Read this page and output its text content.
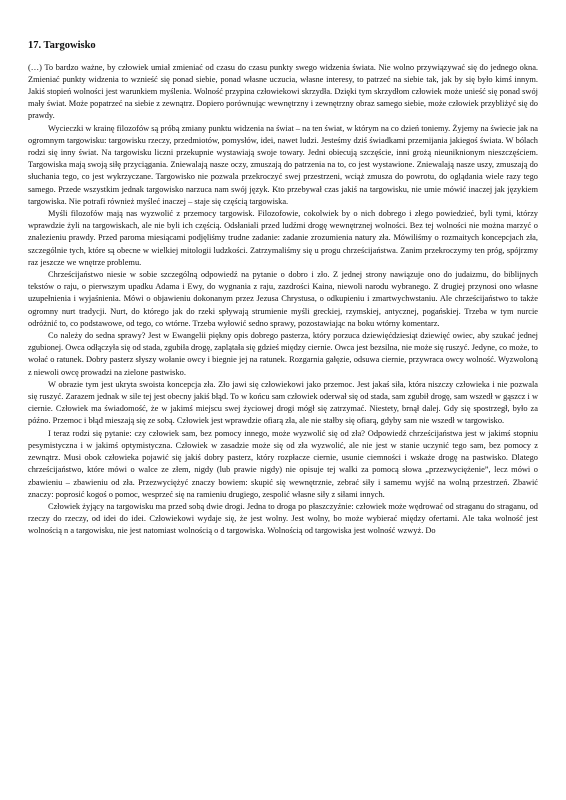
17. Targowisko

(…) To bardzo ważne, by człowiek umiał zmieniać od czasu do czasu punkty swego widzenia świata. Nie wolno przywiązywać się do jednego okna. Zmieniać punkty widzenia to wznieść się ponad siebie, ponad własne uczucia, własne interesy, to patrzeć na siebie tak, jak by się było kimś innym. Jakiś stopień wolności jest warunkiem myślenia. Wolność przypina człowiekowi skrzydła. Dzięki tym skrzydłom człowiek może unieść się ponad swój mały świat. Może popatrzeć na siebie z zewnątrz. Dopiero porównując wewnętrzny i zewnętrzny obraz samego siebie, może człowiek przybliżyć się do prawdy.

Wycieczki w krainę filozofów są próbą zmiany punktu widzenia na świat – na ten świat, w którym na co dzień toniemy. Żyjemy na świecie jak na ogromnym targowisku: targowisku rzeczy, przedmiotów, pomysłów, idei, nawet ludzi. Jesteśmy dziś świadkami przemijania jakiegoś świata. W bólach rodzi się inny świat. Na targowisku liczni przekupnie wystawiają swoje towary. Jedni obiecują szczęście, inni grożą nieuniknionym nieszczęściem. Targowiska mają swoją siłę przyciągania. Zniewalają nasze oczy, zmuszają do patrzenia na to, co jest wystawione. Zniewalają nasze uszy, zmuszają do słuchania tego, co jest wykrzyczane. Targowisko nie pozwala przekroczyć swej przestrzeni, wciąż zmusza do powrotu, do oglądania wiele razy tego samego. Przede wszystkim jednak targowisko narzuca nam swój język. Kto przebywał czas jakiś na targowisku, nie umie mówić inaczej jak językiem targowiska. Nie potrafi również myśleć inaczej – staje się częścią targowiska.

Myśli filozofów mają nas wyzwolić z przemocy targowisk. Filozofowie, cokolwiek by o nich dobrego i złego powiedzieć, byli tymi, którzy wprawdzie żyli na targowiskach, ale nie byli ich częścią. Odsłaniali przed ludźmi drogę wewnętrznej wolności. Bez tej wolności nie można marzyć o znalezieniu prawdy. Przed paroma miesiącami podjęliśmy trudne zadanie: zadanie zrozumienia natury zła. Mówiliśmy o rozmaitych koncepcjach zła, szczególnie tych, które są obecne w wielkiej mitologii ludzkości. Zatrzymaliśmy się u progu chrześcijaństwa. Zanim przekroczymy ten próg, spójrzmy raz jeszcze we wnętrze problemu.

Chrześcijaństwo niesie w sobie szczególną odpowiedź na pytanie o dobro i zło. Z jednej strony nawiązuje ono do judaizmu, do biblijnych tekstów o raju, o pierwszym upadku Adama i Ewy, do wygnania z raju, zazdrości Kaina, niewoli narodu wybranego. Z drugiej przynosi ono własne uzupełnienia i wyjaśnienia. Mówi o objawieniu dokonanym przez Jezusa Chrystusa, o odkupieniu i zmartwychwstaniu. Ale chrześcijaństwo to także ogromny nurt tradycji. Nurt, do którego jak do rzeki spływają strumienie myśli greckiej, rzymskiej, antycznej, pogańskiej. Trzeba w tym nurcie odróżnić to, co podstawowe, od tego, co wtórne. Trzeba wyłowić sedno sprawy, pozostawiając na boku wtórny komentarz.

Co należy do sedna sprawy? Jest w Ewangelii piękny opis dobrego pasterza, który porzuca dziewięćdziesiąt dziewięć owiec, aby szukać jednej zgubionej. Owca odłączyła się od stada, zgubiła drogę, zaplątała się gdzieś między ciernie. Owca jest bezsilna, nie może się ruszyć. Jedyne, co może, to wołać o ratunek. Dobry pasterz słyszy wołanie owcy i biegnie jej na ratunek. Rozgarnia gałęzie, odsuwa ciernie, przywraca owcy wolność. Wyzwoloną z niewoli owcę prowadzi na zielone pastwisko.

W obrazie tym jest ukryta swoista koncepcja zła. Zło jawi się człowiekowi jako przemoc. Jest jakaś siła, która niszczy człowieka i nie pozwala się ruszyć. Zarazem jednak w sile tej jest obecny jakiś błąd. To w końcu sam człowiek oderwał się od stada, sam zgubił drogę, sam wszedł w gąszcz i w ciernie. Człowiek ma świadomość, że w jakimś miejscu swej życiowej drogi mógł się zatrzymać. Niestety, brnął dalej. Gdy się spostrzegł, było za późno. Przemoc i błąd mieszają się ze sobą. Człowiek jest wprawdzie ofiarą zła, ale nie stałby się ofiarą, gdyby sam nie wszedł w targowisko.

I teraz rodzi się pytanie: czy człowiek sam, bez pomocy innego, może wyzwolić się od zła? Odpowiedź chrześcijaństwa jest w jakimś stopniu pesymistyczna i w jakimś optymistyczna. Człowiek w zasadzie może się od zła wyzwolić, ale nie jest w stanie uczynić tego sam, bez pomocy z zewnątrz. Musi obok człowieka pojawić się jakiś dobry pasterz, który rozpłacze ciernie, usunie ciemności i wskaże drogę na pastwisko. Dlatego chrześcijaństwo, które mówi o walce ze złem, nigdy (lub prawie nigdy) nie opisuje tej walki za pomocą słowa „przezwyciężenie”, lecz mówi o zbawieniu – zbawieniu od zła. Przezwyciężyć znaczy bowiem: skupić się wewnętrznie, zebrać siły i samemu wyjść na wolną przestrzeń. Zbawić znaczy: poprosić kogoś o pomoc, wesprzeć się na ramieniu drugiego, zespolić własne siły z siłami innych.

Człowiek żyjący na targowisku ma przed sobą dwie drogi. Jedna to droga po płaszczyźnie: człowiek może wędrować od straganu do straganu, od rzeczy do rzeczy, od idei do idei. Człowiekowi wydaje się, że jest wolny. Jest wolny, bo może wybierać między ofertami. Ale taka wolność jest wolnością n a targowisku, nie jest natomiast wolnością o d targowiska. Wolnością od targowiska jest wolność wzwyż. Do
